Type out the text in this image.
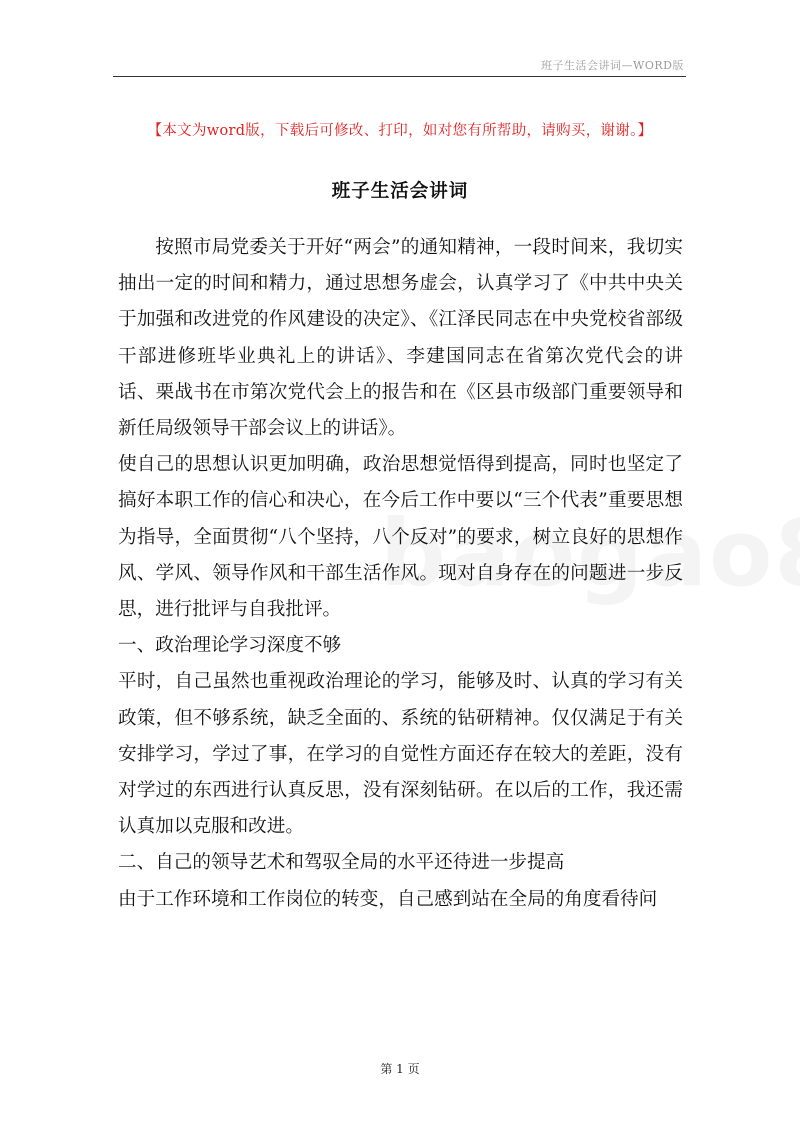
班子生活会讲词—WORD版
【本文为word版，下载后可修改、打印，如对您有所帮助，请购买，谢谢。】
班子生活会讲词

按照市局党委关于开好“两会”的通知精神，一段时间来，我切实抽出一定的时间和精力，通过思想务虚会，认真学习了《中共中央关于加强和改进党的作风建设的决定》、《江泽民同志在中央党校省部级干部进修班毕业典礼上的讲话》、李建国同志在省第次党代会的讲话、栗战书在市第次党代会上的报告和在《区县市级部门重要领导和新任局级领导干部会议上的讲话》。

使自己的思想认识更加明确，政治思想觉悟得到提高，同时也坚定了搞好本职工作的信心和决心，在今后工作中要以“三个代表”重要思想为指导，全面贯彻“八个坚持，八个反对”的要求，树立良好的思想作风、学风、领导作风和干部生活作风。现对自身存在的问题进一步反思，进行批评与自我批评。

一、政治理论学习深度不够

平时，自己虽然也重视政治理论的学习，能够及时、认真的学习有关政策，但不够系统，缺乏全面的、系统的钻研精神。仅仅满足于有关安排学习，学过了事，在学习的自觉性方面还存在较大的差距，没有对学过的东西进行认真反思，没有深刻钻研。在以后的工作，我还需认真加以克服和改进。

二、自己的领导艺术和驾驭全局的水平还待进一步提高

由于工作环境和工作岗位的转变，自己感到站在全局的角度看待问

第 1 页
